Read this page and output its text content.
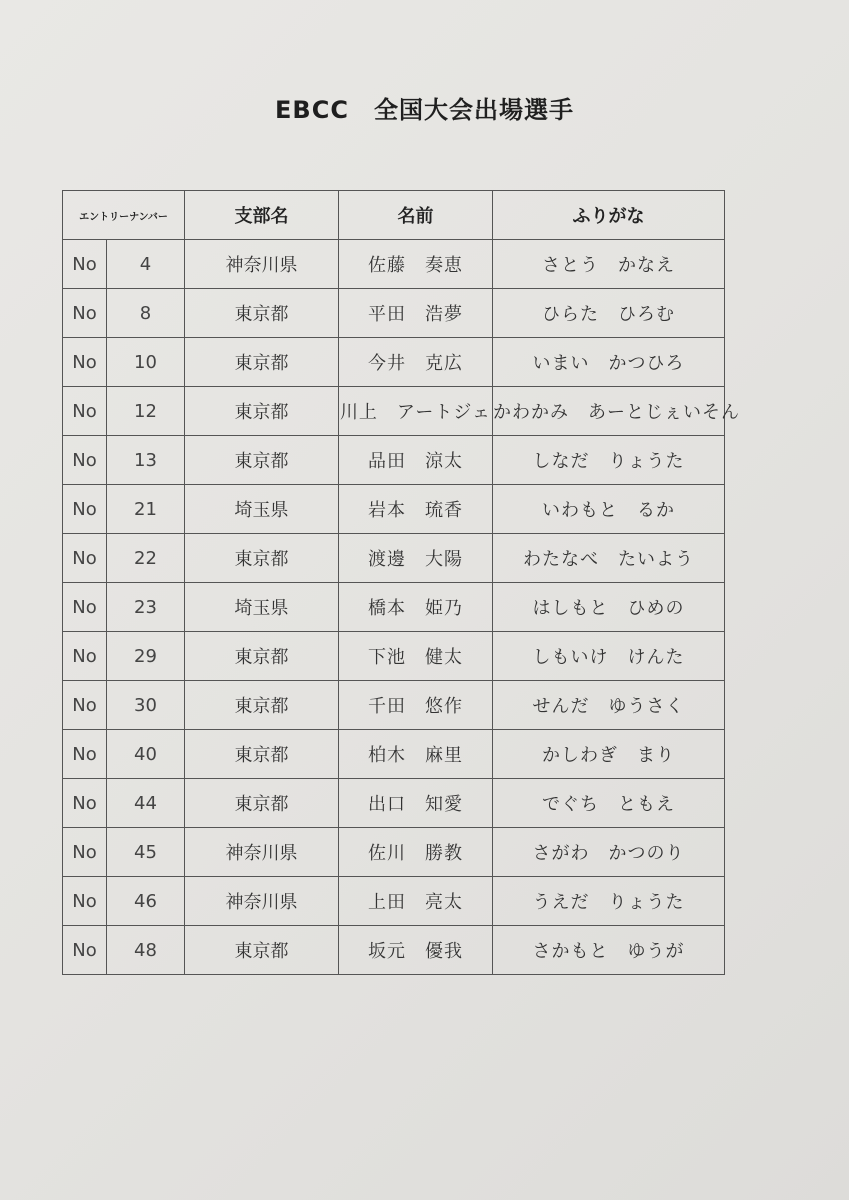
EBCC　全国大会出場選手
エントリーナンバー		支部名	名前	ふりがな
No	4	神奈川県	佐藤　奏恵	さとう　かなえ
No	8	東京都	平田　浩夢	ひらた　ひろむ
No	10	東京都	今井　克広	いまい　かつひろ
No	12	東京都	川上　アートジェ	かわかみ　あーとじぇいそん
No	13	東京都	品田　涼太	しなだ　りょうた
No	21	埼玉県	岩本　琉香	いわもと　るか
No	22	東京都	渡邊　大陽	わたなべ　たいよう
No	23	埼玉県	橋本　姫乃	はしもと　ひめの
No	29	東京都	下池　健太	しもいけ　けんた
No	30	東京都	千田　悠作	せんだ　ゆうさく
No	40	東京都	柏木　麻里	かしわぎ　まり
No	44	東京都	出口　知愛	でぐち　ともえ
No	45	神奈川県	佐川　勝教	さがわ　かつのり
No	46	神奈川県	上田　亮太	うえだ　りょうた
No	48	東京都	坂元　優我	さかもと　ゆうが
